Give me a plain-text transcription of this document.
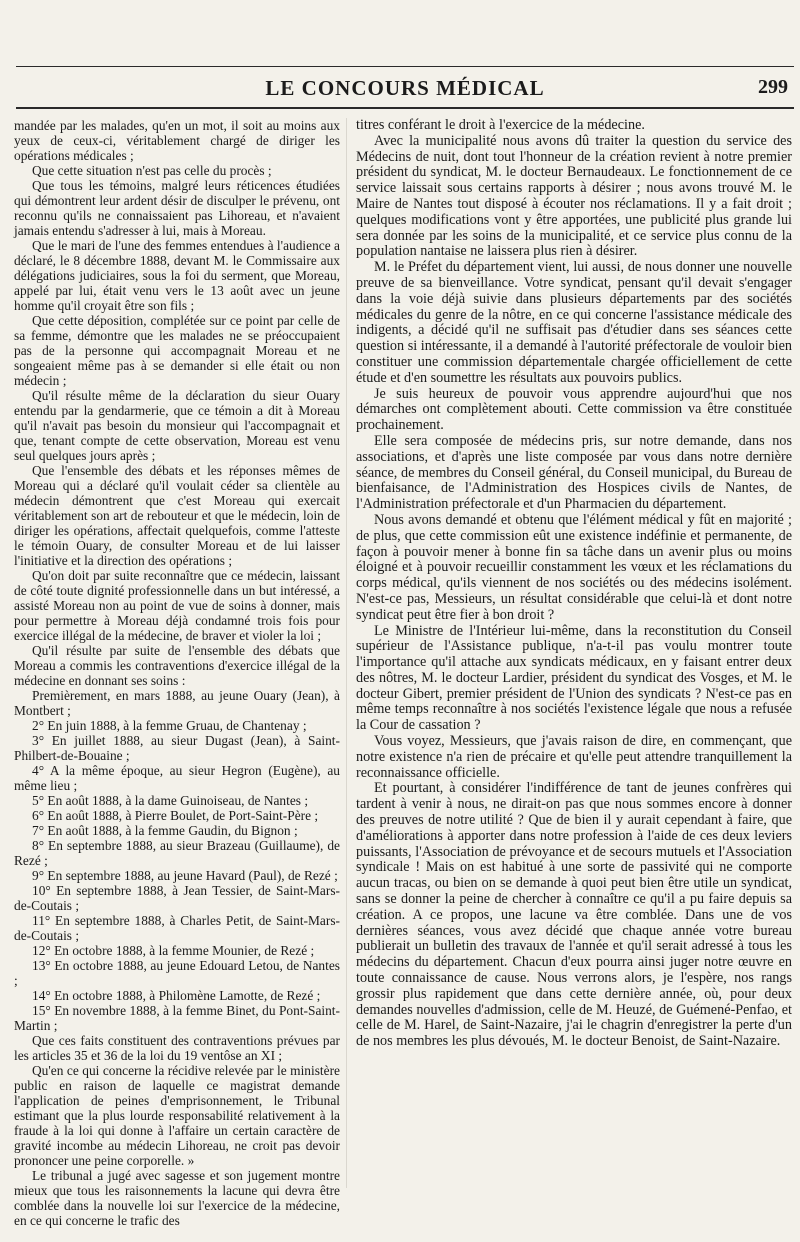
LE CONCOURS MÉDICAL	299

mandée par les malades, qu'en un mot, il soit au moins aux yeux de ceux-ci, véritablement chargé de diriger les opérations médicales ;

Que cette situation n'est pas celle du procès ;

Que tous les témoins, malgré leurs réticences étudiées qui démontrent leur ardent désir de disculper le prévenu, ont reconnu qu'ils ne connaissaient pas Lihoreau, et n'avaient jamais entendu s'adresser à lui, mais à Moreau.

Que le mari de l'une des femmes entendues à l'audience a déclaré, le 8 décembre 1888, devant M. le Commissaire aux délégations judiciaires, sous la foi du serment, que Moreau, appelé par lui, était venu vers le 13 août avec un jeune homme qu'il croyait être son fils ;

Que cette déposition, complétée sur ce point par celle de sa femme, démontre que les malades ne se préoccupaient pas de la personne qui accompagnait Moreau et ne songeaient même pas à se demander si elle était ou non médecin ;

Qu'il résulte même de la déclaration du sieur Ouary entendu par la gendarmerie, que ce témoin a dit à Moreau qu'il n'avait pas besoin du monsieur qui l'accompagnait et que, tenant compte de cette observation, Moreau est venu seul quelques jours après ;

Que l'ensemble des débats et les réponses mêmes de Moreau qui a déclaré qu'il voulait céder sa clientèle au médecin démontrent que c'est Moreau qui exercait véritablement son art de rebouteur et que le médecin, loin de diriger les opérations, affectait quelquefois, comme l'atteste le témoin Ouary, de consulter Moreau et de lui laisser l'initiative et la direction des opérations ;

Qu'on doit par suite reconnaître que ce médecin, laissant de côté toute dignité professionnelle dans un but intéressé, a assisté Moreau non au point de vue de soins à donner, mais pour permettre à Moreau déjà condamné trois fois pour exercice illégal de la médecine, de braver et violer la loi ;

Qu'il résulte par suite de l'ensemble des débats que Moreau a commis les contraventions d'exercice illégal de la médecine en donnant ses soins :

Premièrement, en mars 1888, au jeune Ouary (Jean), à Montbert ;

2° En juin 1888, à la femme Gruau, de Chantenay ;

3° En juillet 1888, au sieur Dugast (Jean), à Saint-Philbert-de-Bouaine ;

4° A la même époque, au sieur Hegron (Eugène), au même lieu ;

5° En août 1888, à la dame Guinoiseau, de Nantes ;

6° En août 1888, à Pierre Boulet, de Port-Saint-Père ;

7° En août 1888, à la femme Gaudin, du Bignon ;

8° En septembre 1888, au sieur Brazeau (Guillaume), de Rezé ;

9° En septembre 1888, au jeune Havard (Paul), de Rezé ;

10° En septembre 1888, à Jean Tessier, de Saint-Mars-de-Coutais ;

11° En septembre 1888, à Charles Petit, de Saint-Mars-de-Coutais ;

12° En octobre 1888, à la femme Mounier, de Rezé ;

13° En octobre 1888, au jeune Edouard Letou, de Nantes ;

14° En octobre 1888, à Philomène Lamotte, de Rezé ;

15° En novembre 1888, à la femme Binet, du Pont-Saint-Martin ;

Que ces faits constituent des contraventions prévues par les articles 35 et 36 de la loi du 19 ventôse an XI ;

Qu'en ce qui concerne la récidive relevée par le ministère public en raison de laquelle ce magistrat demande l'application de peines d'emprisonnement, le Tribunal estimant que la plus lourde responsabilité relativement à la fraude à la loi qui donne à l'affaire un certain caractère de gravité incombe au médecin Lihoreau, ne croit pas devoir prononcer une peine corporelle. »

Le tribunal a jugé avec sagesse et son jugement montre mieux que tous les raisonnements la lacune qui devra être comblée dans la nouvelle loi sur l'exercice de la médecine, en ce qui concerne le trafic des

titres conférant le droit à l'exercice de la médecine.

Avec la municipalité nous avons dû traiter la question du service des Médecins de nuit, dont tout l'honneur de la création revient à notre premier président du syndicat, M. le docteur Bernaudeaux. Le fonctionnement de ce service laissait sous certains rapports à désirer ; nous avons trouvé M. le Maire de Nantes tout disposé à écouter nos réclamations. Il y a fait droit ; quelques modifications vont y être apportées, une publicité plus grande lui sera donnée par les soins de la municipalité, et ce service plus connu de la population nantaise ne laissera plus rien à désirer.

M. le Préfet du département vient, lui aussi, de nous donner une nouvelle preuve de sa bienveillance. Votre syndicat, pensant qu'il devait s'engager dans la voie déjà suivie dans plusieurs départements par des sociétés médicales du genre de la nôtre, en ce qui concerne l'assistance médicale des indigents, a décidé qu'il ne suffisait pas d'étudier dans ses séances cette question si intéressante, il a demandé à l'autorité préfectorale de vouloir bien constituer une commission départementale chargée officiellement de cette étude et d'en soumettre les résultats aux pouvoirs publics.

Je suis heureux de pouvoir vous apprendre aujourd'hui que nos démarches ont complètement abouti. Cette commission va être constituée prochainement.

Elle sera composée de médecins pris, sur notre demande, dans nos associations, et d'après une liste composée par vous dans notre dernière séance, de membres du Conseil général, du Conseil municipal, du Bureau de bienfaisance, de l'Administration des Hospices civils de Nantes, de l'Administration préfectorale et d'un Pharmacien du département.

Nous avons demandé et obtenu que l'élément médical y fût en majorité ; de plus, que cette commission eût une existence indéfinie et permanente, de façon à pouvoir mener à bonne fin sa tâche dans un avenir plus ou moins éloigné et à pouvoir recueillir constamment les vœux et les réclamations du corps médical, qu'ils viennent de nos sociétés ou des médecins isolément. N'est-ce pas, Messieurs, un résultat considérable que celui-là et dont notre syndicat peut être fier à bon droit ?

Le Ministre de l'Intérieur lui-même, dans la reconstitution du Conseil supérieur de l'Assistance publique, n'a-t-il pas voulu montrer toute l'importance qu'il attache aux syndicats médicaux, en y faisant entrer deux des nôtres, M. le docteur Lardier, président du syndicat des Vosges, et M. le docteur Gibert, premier président de l'Union des syndicats ? N'est-ce pas en même temps reconnaître à nos sociétés l'existence légale que nous a refusée la Cour de cassation ?

Vous voyez, Messieurs, que j'avais raison de dire, en commençant, que notre existence n'a rien de précaire et qu'elle peut attendre tranquillement la reconnaissance officielle.

Et pourtant, à considérer l'indifférence de tant de jeunes confrères qui tardent à venir à nous, ne dirait-on pas que nous sommes encore à donner des preuves de notre utilité ? Que de bien il y aurait cependant à faire, que d'améliorations à apporter dans notre profession à l'aide de ces deux leviers puissants, l'Association de prévoyance et de secours mutuels et l'Association syndicale ! Mais on est habitué à une sorte de passivité qui ne comporte aucun tracas, ou bien on se demande à quoi peut bien être utile un syndicat, sans se donner la peine de chercher à connaître ce qu'il a pu faire depuis sa création. A ce propos, une lacune va être comblée. Dans une de vos dernières séances, vous avez décidé que chaque année votre bureau publierait un bulletin des travaux de l'année et qu'il serait adressé à tous les médecins du département. Chacun d'eux pourra ainsi juger notre œuvre en toute connaissance de cause. Nous verrons alors, je l'espère, nos rangs grossir plus rapidement que dans cette dernière année, où, pour deux demandes nouvelles d'admission, celle de M. Heuzé, de Guémené-Penfao, et celle de M. Harel, de Saint-Nazaire, j'ai le chagrin d'enregistrer la perte d'un de nos membres les plus dévoués, M. le docteur Benoist, de Saint-Nazaire.
